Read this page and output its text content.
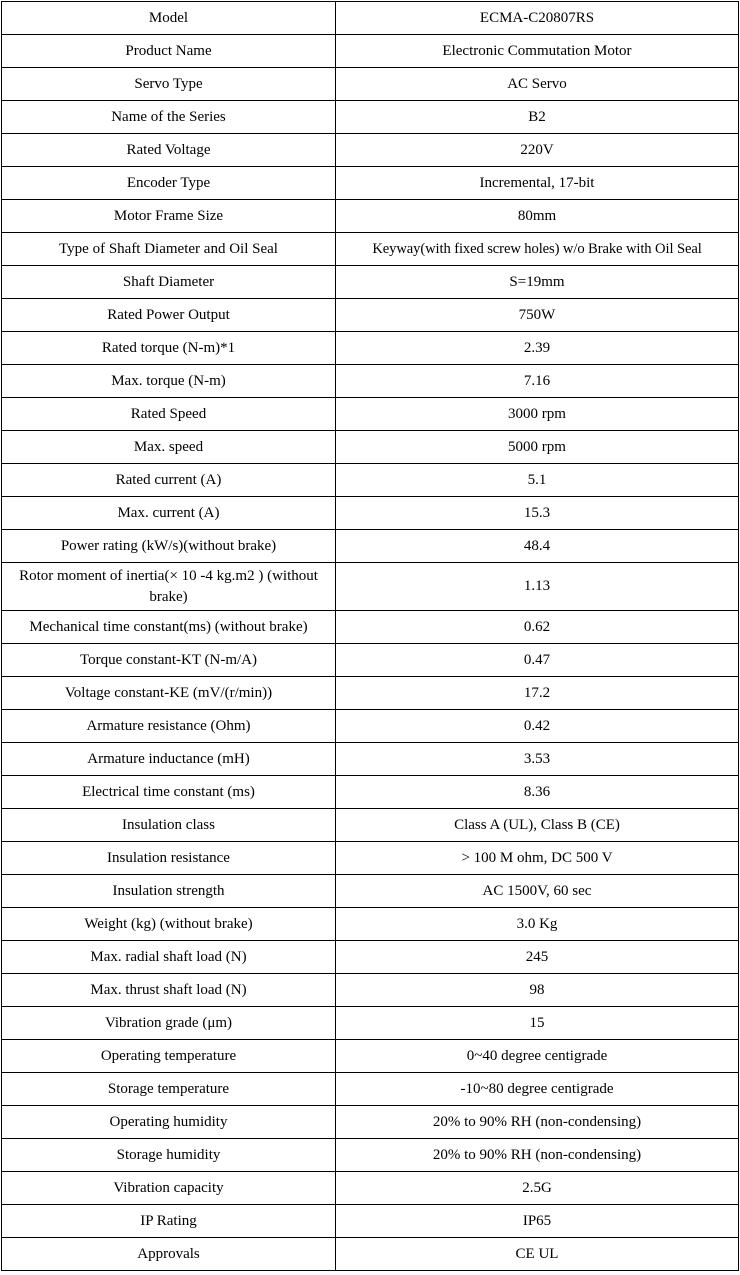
Model	ECMA-C20807RS
Product Name	Electronic Commutation Motor
Servo Type	AC Servo
Name of the Series	B2
Rated Voltage	220V
Encoder Type	Incremental, 17-bit
Motor Frame Size	80mm
Type of Shaft Diameter and Oil Seal	Keyway(with fixed screw holes) w/o Brake with Oil Seal
Shaft Diameter	S=19mm
Rated Power Output	750W
Rated torque (N-m)*1	2.39
Max. torque (N-m)	7.16
Rated Speed	3000 rpm
Max. speed	5000 rpm
Rated current (A)	5.1
Max. current (A)	15.3
Power rating (kW/s)(without brake)	48.4
Rotor moment of inertia(× 10 -4 kg.m2 ) (without brake)	1.13
Mechanical time constant(ms) (without brake)	0.62
Torque constant-KT (N-m/A)	0.47
Voltage constant-KE (mV/(r/min))	17.2
Armature resistance (Ohm)	0.42
Armature inductance (mH)	3.53
Electrical time constant (ms)	8.36
Insulation class	Class A (UL), Class B (CE)
Insulation resistance	> 100 M ohm, DC 500 V
Insulation strength	AC 1500V, 60 sec
Weight (kg) (without brake)	3.0 Kg
Max. radial shaft load (N)	245
Max. thrust shaft load (N)	98
Vibration grade (μm)	15
Operating temperature	0~40 degree centigrade
Storage temperature	-10~80 degree centigrade
Operating humidity	20% to 90% RH (non-condensing)
Storage humidity	20% to 90% RH (non-condensing)
Vibration capacity	2.5G
IP Rating	IP65
Approvals	CE UL
